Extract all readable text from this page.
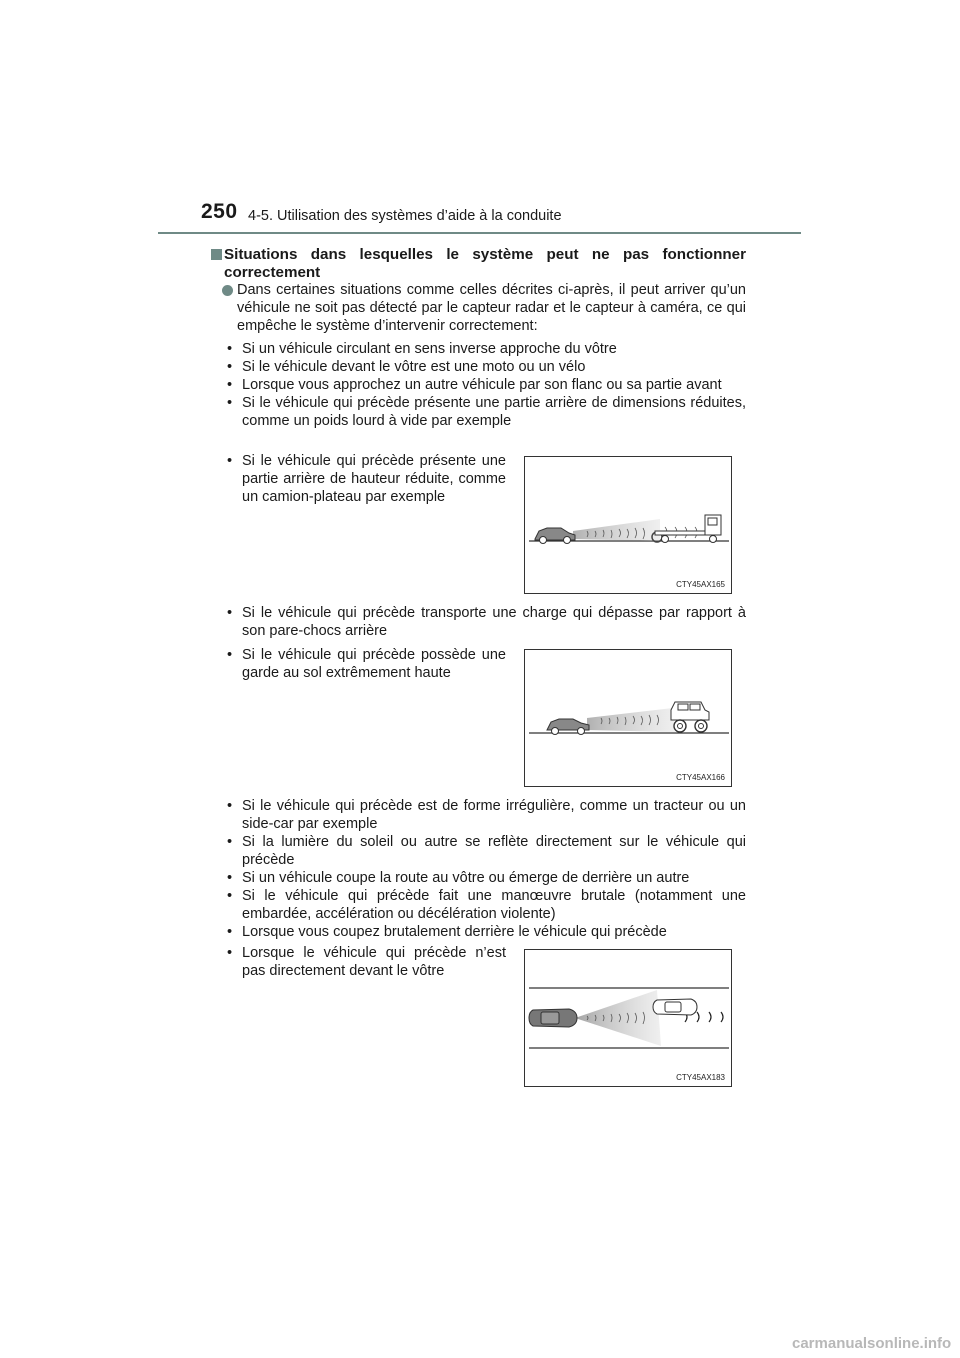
250 4-5. Utilisation des systèmes d’aide à la conduite
Situations dans lesquelles le système peut ne pas fonctionner correctement
Dans certaines situations comme celles décrites ci-après, il peut arriver qu’un véhicule ne soit pas détecté par le capteur radar et le capteur à caméra, ce qui empêche le système d’intervenir correctement:
• Si un véhicule circulant en sens inverse approche du vôtre
• Si le véhicule devant le vôtre est une moto ou un vélo
• Lorsque vous approchez un autre véhicule par son flanc ou sa partie avant
• Si le véhicule qui précède présente une partie arrière de dimensions réduites, comme un poids lourd à vide par exemple
• Si le véhicule qui précède présente une partie arrière de hauteur réduite, comme un camion-plateau par exemple
CTY45AX165
• Si le véhicule qui précède transporte une charge qui dépasse par rapport à son pare-chocs arrière
• Si le véhicule qui précède possède une garde au sol extrêmement haute
CTY45AX166
• Si le véhicule qui précède est de forme irrégulière, comme un tracteur ou un side-car par exemple
• Si la lumière du soleil ou autre se reflète directement sur le véhicule qui précède
• Si un véhicule coupe la route au vôtre ou émerge de derrière un autre
• Si le véhicule qui précède fait une manœuvre brutale (notamment une embardée, accélération ou décélération violente)
• Lorsque vous coupez brutalement derrière le véhicule qui précède
• Lorsque le véhicule qui précède n’est pas directement devant le vôtre
CTY45AX183
carmanualsonline.info
